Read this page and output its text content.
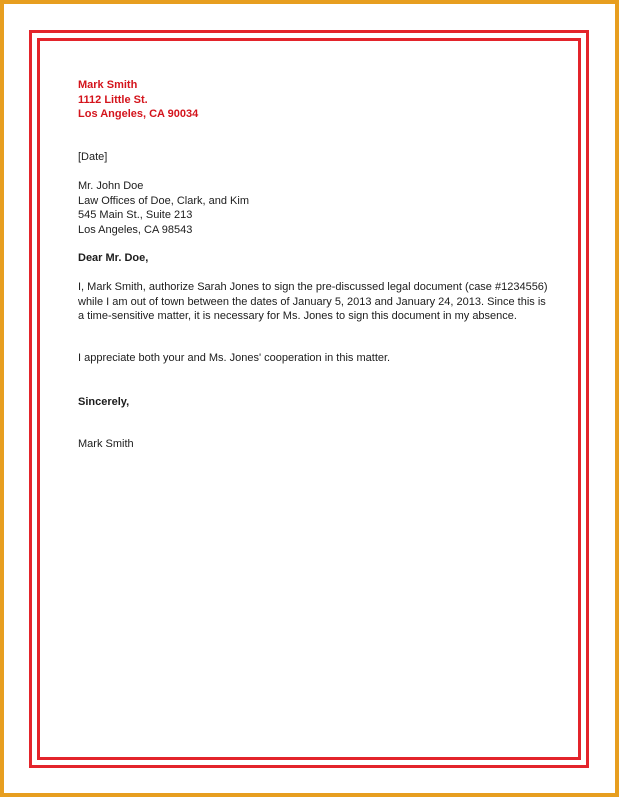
Mark Smith
1112 Little St.
Los Angeles, CA 90034
[Date]
Mr. John Doe
Law Offices of Doe, Clark, and Kim
545 Main St., Suite 213
Los Angeles, CA 98543
Dear Mr. Doe,
I, Mark Smith, authorize Sarah Jones to sign the pre-discussed legal document (case #1234556) while I am out of town between the dates of January 5, 2013 and January 24, 2013. Since this is a time-sensitive matter, it is necessary for Ms. Jones to sign this document in my absence.
I appreciate both your and Ms. Jones' cooperation in this matter.
Sincerely,
Mark Smith
